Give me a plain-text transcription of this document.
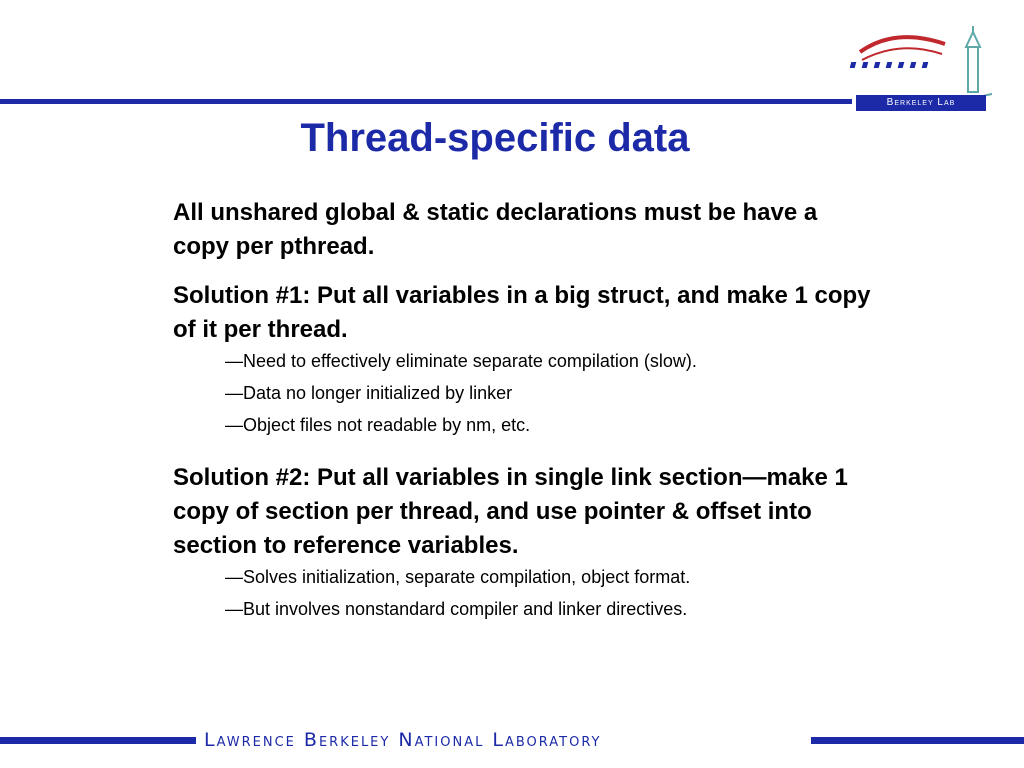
Berkeley Lab
Thread-specific data

All unshared global & static declarations must be have a copy per pthread.

Solution #1: Put all variables in a big struct, and make 1 copy of it per thread.

—Need to effectively eliminate separate compilation (slow).

—Data no longer initialized by linker

—Object files not readable by nm, etc.

Solution #2: Put all variables in single link section—make 1 copy of section per thread, and use pointer & offset into section to reference variables.

—Solves initialization, separate compilation, object format.

—But involves nonstandard compiler and linker directives.

Lawrence Berkeley National Laboratory
